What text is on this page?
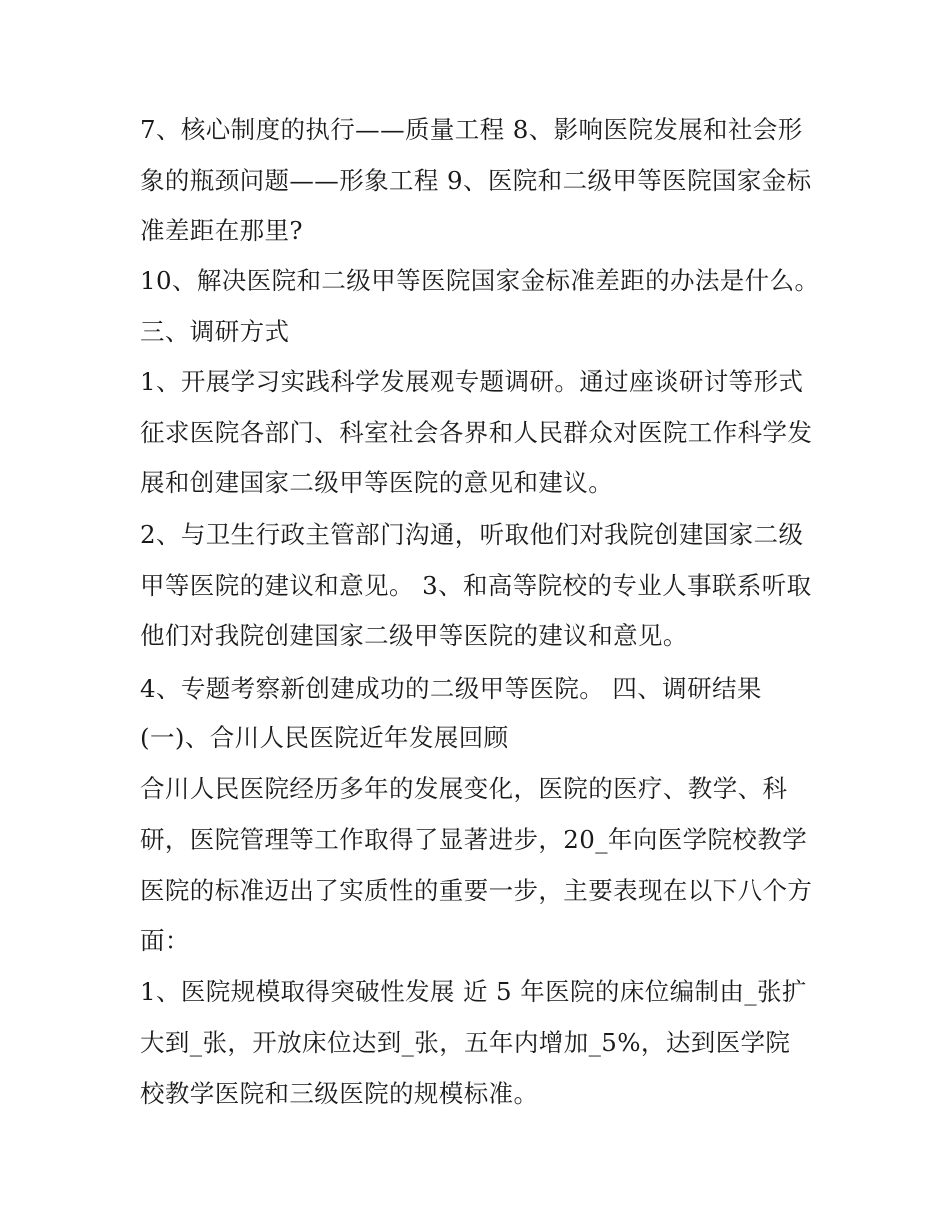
7、核心制度的执行——质量工程 8、影响医院发展和社会形
象的瓶颈问题——形象工程 9、医院和二级甲等医院国家金标
准差距在那里?
10、解决医院和二级甲等医院国家金标准差距的办法是什么。
三、调研方式
1、开展学习实践科学发展观专题调研。通过座谈研讨等形式
征求医院各部门、科室社会各界和人民群众对医院工作科学发
展和创建国家二级甲等医院的意见和建议。
2、与卫生行政主管部门沟通，听取他们对我院创建国家二级
甲等医院的建议和意见。 3、和高等院校的专业人事联系听取
他们对我院创建国家二级甲等医院的建议和意见。
4、专题考察新创建成功的二级甲等医院。 四、调研结果
(一)、合川人民医院近年发展回顾
合川人民医院经历多年的发展变化，医院的医疗、教学、科
研，医院管理等工作取得了显著进步，20_年向医学院校教学
医院的标准迈出了实质性的重要一步，主要表现在以下八个方
面：
1、医院规模取得突破性发展 近 5 年医院的床位编制由_张扩
大到_张，开放床位达到_张，五年内增加_5%，达到医学院
校教学医院和三级医院的规模标准。
